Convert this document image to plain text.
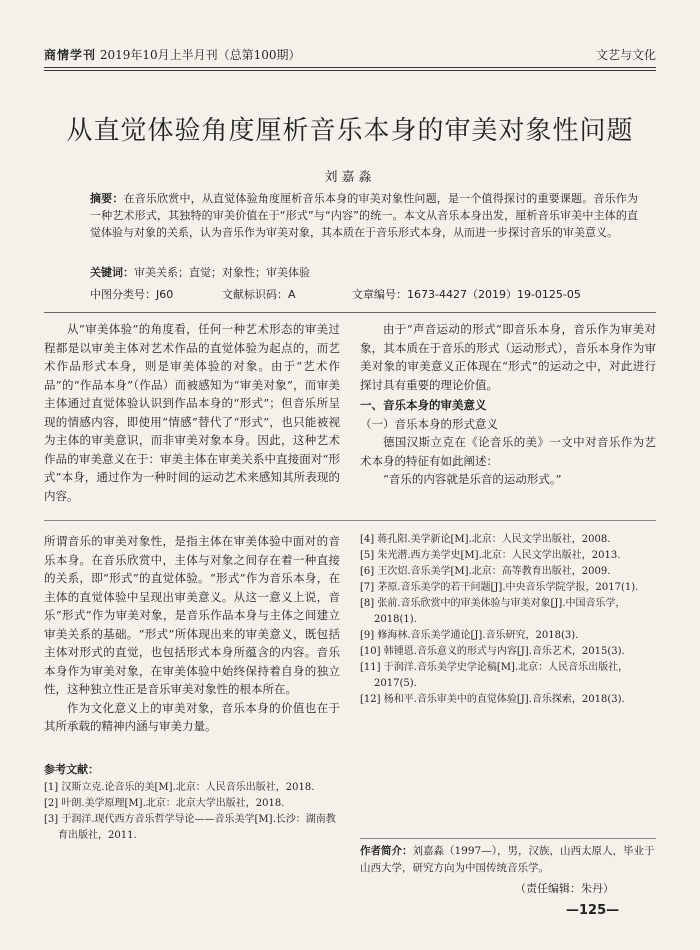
商情学刊 2019年10月上半月刊（总第100期）	文艺与文化
从直觉体验角度厘析音乐本身的审美对象性问题
刘嘉淼
摘要：在音乐欣赏中，从直觉体验角度厘析音乐本身的审美对象性问题，是一个值得探讨的重要课题。音乐作为一种艺术形式，其独特的审美价值在于“形式”与“内容”的统一。本文从音乐本身出发，厘析音乐审美中主体的直觉体验与对象的关系，认为音乐作为审美对象，其本质在于音乐形式本身，从而进一步探讨音乐的审美意义。
关键词：审美关系；直觉；对象性；审美体验
中图分类号：J60	文献标识码：A	文章编号：1673-4427（2019）19-0125-05

从“审美体验”的角度看，任何一种艺术形态的审美过程都是以审美主体对艺术作品的直觉体验为起点的，而艺术作品形式本身，则是审美体验的对象。由于“艺术作品”的“作品本身”（作品）而被感知为“审美对象”，而审美主体通过直觉体验认识到作品本身的“形式”；但音乐所呈现的情感内容，即使用“情感”替代了“形式”，也只能被视为主体的审美意识，而非审美对象本身。因此，这种艺术作品的审美意义在于：审美主体在审美关系中直接面对“形式”本身，通过作为一种时间的运动艺术来感知其所表现的内容。

由于“声音运动的形式”即音乐本身，音乐作为审美对象，其本质在于音乐的形式（运动形式），音乐本身作为审美对象的审美意义正体现在“形式”的运动之中，对此进行探讨具有重要的理论价值。

一、音乐本身的审美意义

（一）音乐本身的形式意义

德国汉斯立克在《论音乐的美》一文中对音乐作为艺术本身的特征有如此阐述：

“音乐的内容就是乐音的运动形式。”

所谓音乐的审美对象性，是指主体在审美体验中面对的音乐本身。在音乐欣赏中，主体与对象之间存在着一种直接的关系，即“形式”的直觉体验。“形式”作为音乐本身，在主体的直觉体验中呈现出审美意义。从这一意义上说，音乐“形式”作为审美对象，是音乐作品本身与主体之间建立审美关系的基础。“形式”所体现出来的审美意义，既包括主体对形式的直觉，也包括形式本身所蕴含的内容。音乐本身作为审美对象，在审美体验中始终保持着自身的独立性，这种独立性正是音乐审美对象性的根本所在。

作为文化意义上的审美对象，音乐本身的价值也在于其所承载的精神内涵与审美力量。

参考文献：
[1] 汉斯立克.论音乐的美[M].北京：人民音乐出版社，2018.
[2] 叶朗.美学原理[M].北京：北京大学出版社，2018.
[3] 于润洋.现代西方音乐哲学导论——音乐美学[M].长沙：湖南教育出版社，2011.
[4] 蒋孔阳.美学新论[M].北京：人民文学出版社，2008.
[5] 朱光潜.西方美学史[M].北京：人民文学出版社，2013.
[6] 王次炤.音乐美学[M].北京：高等教育出版社，2009.
[7] 茅原.音乐美学的若干问题[J].中央音乐学院学报，2017(1).
[8] 张前.音乐欣赏中的审美体验与审美对象[J].中国音乐学，2018(1).
[9] 修海林.音乐美学通论[J].音乐研究，2018(3).
[10] 韩锺恩.音乐意义的形式与内容[J].音乐艺术，2015(3).
[11] 于润洋.音乐美学史学论稿[M].北京：人民音乐出版社，2017(5).
[12] 杨和平.音乐审美中的直觉体验[J].音乐探索，2018(3).
作者简介：刘嘉淼（1997—），男，汉族，山西太原人，毕业于山西大学，研究方向为中国传统音乐学。
（责任编辑：朱丹）
—125—
